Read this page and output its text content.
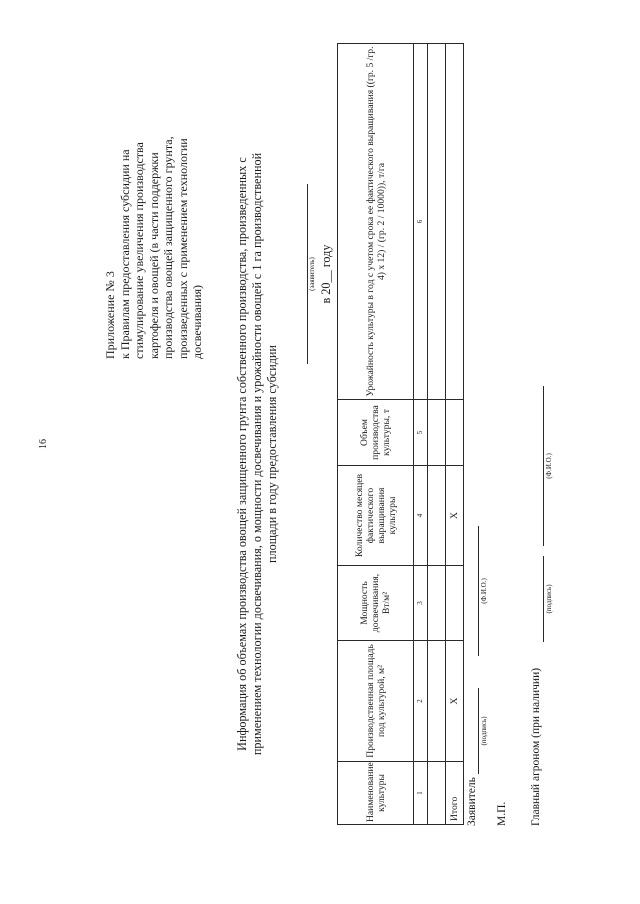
16
Приложение № 3 к Правилам предоставления субсидии на стимулирование увеличения производства картофеля и овощей (в части поддержки производства овощей защищенного грунта, произведенных с применением технологии досвечивания)	Информация об объемах производства овощей защищенного грунта собственного производства, произведенных с применением технологии досвечивания, о мощности досвечивания и урожайности овощей с 1 га производственной площади в году предоставления субсидии
(заявитель) в 20__ году
Наименование культуры	Производственная площадь под культурой, м²	Мощность досвечивания, Вт/м²	Количество месяцев фактического выращивания культуры	Объем производства культуры, т	Урожайность культуры в год с учетом срока ее фактического выращивания ((гр. 5 /гр. 4) x 12) / (гр. 2 / 10000)), т/га
1	2	3	4	5	6

Итого	X		X		
Заявитель
(подпись)
(Ф.И.О.)
М.П. Главный агроном (при наличии)
(подпись)
(Ф.И.О.)
